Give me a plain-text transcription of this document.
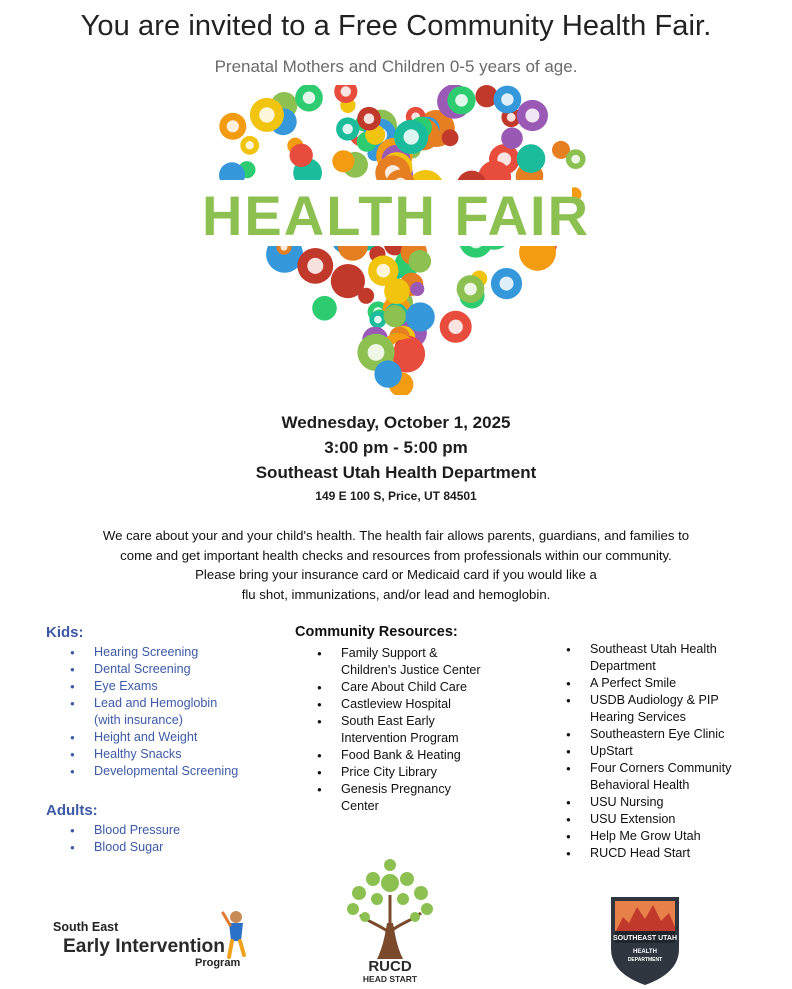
You are invited to a Free Community Health Fair.
Prenatal Mothers and Children 0-5 years of age.
HEALTH FAIR
Wednesday, October 1, 2025
3:00 pm - 5:00 pm
Southeast Utah Health Department
149 E 100 S, Price, UT 84501
We care about your and your child's health. The health fair allows parents, guardians, and families to
come and get important health checks and resources from professionals within our community.
Please bring your insurance card or Medicaid card if you would like a
flu shot, immunizations, and/or lead and hemoglobin.
Kids:
● Hearing Screening
● Dental Screening
● Eye Exams
● Lead and Hemoglobin
(with insurance)
● Height and Weight
● Healthy Snacks
● Developmental Screening
Adults:
● Blood Pressure
● Blood Sugar
Community Resources:
● Family Support &
Children's Justice Center
● Care About Child Care
● Castleview Hospital
● South East Early
Intervention Program
● Food Bank & Heating
● Price City Library
● Genesis Pregnancy
Center
● Southeast Utah Health
Department
● A Perfect Smile
● USDB Audiology & PIP
Hearing Services
● Southeastern Eye Clinic
● UpStart
● Four Corners Community
Behavioral Health
● USU Nursing
● USU Extension
● Help Me Grow Utah
● RUCD Head Start
South East
Early Intervention
Program	RUCD
HEAD START
SOUTHEAST UTAH
HEALTH
DEPARTMENT
